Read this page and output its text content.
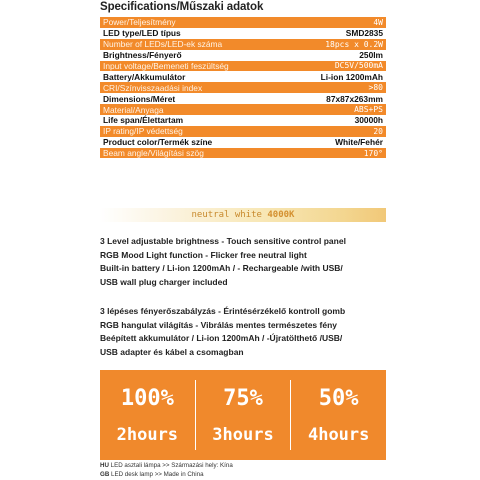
Specifications/Műszaki adatok
Power/Teljesítmény	4W
LED type/LED típus	SMD2835
Number of LEDs/LED-ek száma	18pcs x 0.2W
Brightness/Fényerő	250lm
Input voltage/Bemeneti feszültség	DC5V/500mA
Battery/Akkumulátor	Li-ion 1200mAh
CRI/Színvisszaadási index	>80
Dimensions/Méret	87x87x263mm
Material/Anyaga	ABS+PS
Life span/Élettartam	30000h
IP rating/IP védettség	20
Product color/Termék színe	White/Fehér
Beam angle/Világítási szög	170°
neutral white 4000K
3 Level adjustable brightness - Touch sensitive control panel
RGB Mood Light function - Flicker free neutral light
Built-in battery / Li-ion 1200mAh / - Rechargeable /with USB/
USB wall plug charger included
3 lépéses fényerőszabályzás - Érintésérzékelő kontroll gomb
RGB hangulat világítás - Vibrálás mentes természetes fény
Beépített akkumulátor / Li-ion 1200mAh / -Újratölthető /USB/
USB adapter és kábel a csomagban
100%
2hours
75%
3hours
50%
4hours
HU LED asztali lámpa >> Származási hely: Kína
GB LED desk lamp >> Made in China
